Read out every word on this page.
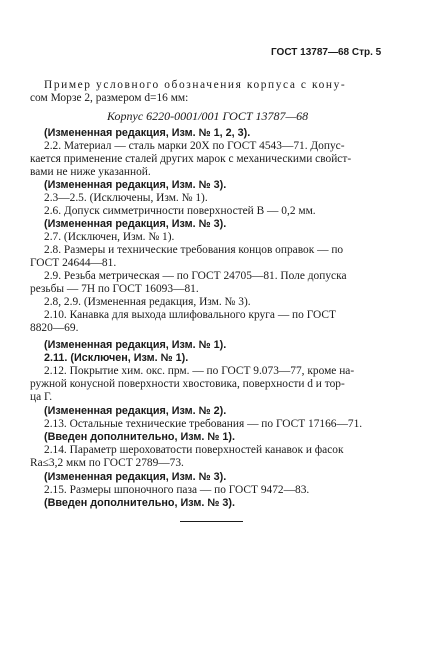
ГОСТ 13787—68 Стр. 5
Пример условного обозначения корпуса с кону-
сом Морзе 2, размером d=16 мм:
Корпус 6220-0001/001 ГОСТ 13787—68
(Измененная редакция, Изм. № 1, 2, 3).
2.2. Материал — сталь марки 20Х по ГОСТ 4543—71. Допус-
кается применение сталей других марок с механическими свойст-
вами не ниже указанной.
(Измененная редакция, Изм. № 3).
2.3—2.5. (Исключены, Изм. № 1).
2.6. Допуск симметричности поверхностей В — 0,2 мм.
(Измененная редакция, Изм. № 3).
2.7. (Исключен, Изм. № 1).
2.8. Размеры и технические требования концов оправок — по
ГОСТ 24644—81.
2.9. Резьба метрическая — по ГОСТ 24705—81. Поле допуска
резьбы — 7Н по ГОСТ 16093—81.
2.8, 2.9. (Измененная редакция, Изм. № 3).
2.10. Канавка для выхода шлифовального круга — по ГОСТ
8820—69.
(Измененная редакция, Изм. № 1).
2.11. (Исключен, Изм. № 1).
2.12. Покрытие хим. окс. прм. — по ГОСТ 9.073—77, кроме на-
ружной конусной поверхности хвостовика, поверхности d и тор-
ца Г.
(Измененная редакция, Изм. № 2).
2.13. Остальные технические требования — по ГОСТ 17166—71.
(Введен дополнительно, Изм. № 1).
2.14. Параметр шероховатости поверхностей канавок и фасок
Ra≤3,2 мкм по ГОСТ 2789—73.
(Измененная редакция, Изм. № 3).
2.15. Размеры шпоночного паза — по ГОСТ 9472—83.
(Введен дополнительно, Изм. № 3).
